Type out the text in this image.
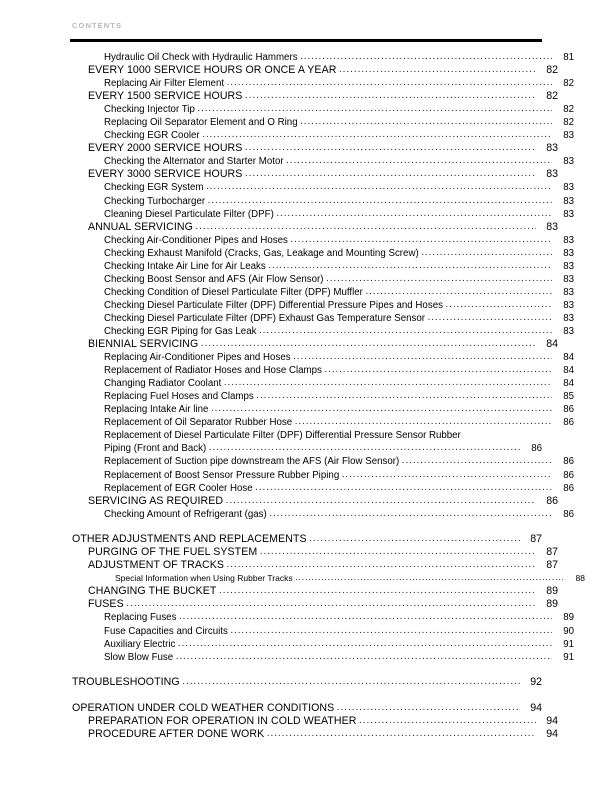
CONTENTS
Hydraulic Oil Check with Hydraulic Hammers .....	81
EVERY 1000 SERVICE HOURS OR ONCE A YEAR .....	82
Replacing Air Filter Element .....	82
EVERY 1500 SERVICE HOURS .....	82
Checking Injector Tip .....	82
Replacing Oil Separator Element and O Ring .....	82
Checking EGR Cooler .....	83
EVERY 2000 SERVICE HOURS .....	83
Checking the Alternator and Starter Motor .....	83
EVERY 3000 SERVICE HOURS .....	83
Checking EGR System .....	83
Checking Turbocharger .....	83
Cleaning Diesel Particulate Filter (DPF) .....	83
ANNUAL SERVICING .....	83
Checking Air-Conditioner Pipes and Hoses .....	83
Checking Exhaust Manifold (Cracks, Gas, Leakage and Mounting Screw) .....	83
Checking Intake Air Line for Air Leaks .....	83
Checking Boost Sensor and AFS (Air Flow Sensor) .....	83
Checking Condition of Diesel Particulate Filter (DPF) Muffler .....	83
Checking Diesel Particulate Filter (DPF) Differential Pressure Pipes and Hoses .....	83
Checking Diesel Particulate Filter (DPF) Exhaust Gas Temperature Sensor .....	83
Checking EGR Piping for Gas Leak .....	83
BIENNIAL SERVICING .....	84
Replacing Air-Conditioner Pipes and Hoses .....	84
Replacement of Radiator Hoses and Hose Clamps .....	84
Changing Radiator Coolant .....	84
Replacing Fuel Hoses and Clamps .....	85
Replacing Intake Air line .....	86
Replacement of Oil Separator Rubber Hose .....	86
Replacement of Diesel Particulate Filter (DPF) Differential Pressure Sensor Rubber
Piping (Front and Back) .....	86
Replacement of Suction pipe downstream the AFS (Air Flow Sensor) .....	86
Replacement of Boost Sensor Pressure Rubber Piping .....	86
Replacement of EGR Cooler Hose .....	86
SERVICING AS REQUIRED .....	86
Checking Amount of Refrigerant (gas) .....	86
OTHER ADJUSTMENTS AND REPLACEMENTS .....	87
PURGING OF THE FUEL SYSTEM .....	87
ADJUSTMENT OF TRACKS .....	87
Special Information when Using Rubber Tracks .....	88
CHANGING THE BUCKET .....	89
FUSES .....	89
Replacing Fuses .....	89
Fuse Capacities and Circuits .....	90
Auxiliary Electric .....	91
Slow Blow Fuse .....	91
TROUBLESHOOTING .....	92
OPERATION UNDER COLD WEATHER CONDITIONS .....	94
PREPARATION FOR OPERATION IN COLD WEATHER .....	94
PROCEDURE AFTER DONE WORK .....	94
